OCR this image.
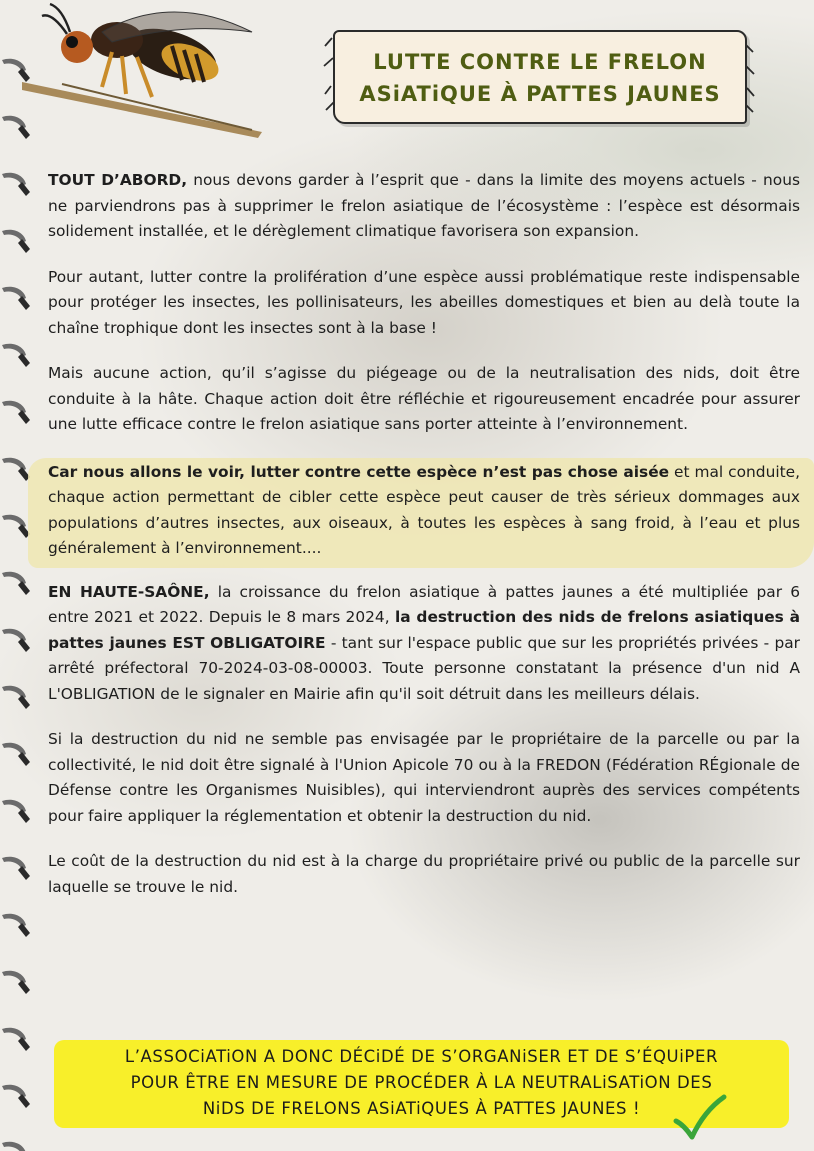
LUTTE CONTRE LE FRELON
ASiATiQUE À PATTES JAUNES

TOUT D’ABORD, nous devons garder à l’esprit que - dans la limite des moyens actuels - nous ne parviendrons pas à supprimer le frelon asiatique de l’écosystème : l’espèce est désormais solidement installée, et le dérèglement climatique favorisera son expansion.

Pour autant, lutter contre la prolifération d’une espèce aussi problématique reste indispensable pour protéger les insectes, les pollinisateurs, les abeilles domestiques et bien au delà toute la chaîne trophique dont les insectes sont à la base !

Mais aucune action, qu’il s’agisse du piégeage ou de la neutralisation des nids, doit être conduite à la hâte. Chaque action doit être réfléchie et rigoureusement encadrée pour assurer une lutte efficace contre le frelon asiatique sans porter atteinte à l’environnement.

Car nous allons le voir, lutter contre cette espèce n’est pas chose aisée et mal conduite, chaque action permettant de cibler cette espèce peut causer de très sérieux dommages aux populations d’autres insectes, aux oiseaux, à toutes les espèces à sang froid, à l’eau et plus généralement à l’environnement....

EN HAUTE-SAÔNE, la croissance du frelon asiatique à pattes jaunes a été multipliée par 6 entre 2021 et 2022. Depuis le 8 mars 2024, la destruction des nids de frelons asiatiques à pattes jaunes EST OBLIGATOIRE - tant sur l'espace public que sur les propriétés privées - par arrêté préfectoral 70-2024-03-08-00003. Toute personne constatant la présence d'un nid A L'OBLIGATION de le signaler en Mairie afin qu'il soit détruit dans les meilleurs délais.

Si la destruction du nid ne semble pas envisagée par le propriétaire de la parcelle ou par la collectivité, le nid doit être signalé à l'Union Apicole 70 ou à la FREDON (Fédération RÉgionale de Défense contre les Organismes Nuisibles), qui interviendront auprès des services compétents pour faire appliquer la réglementation et obtenir la destruction du nid.

Le coût de la destruction du nid est à la charge du propriétaire privé ou public de la parcelle sur laquelle se trouve le nid.

L’ASSOCiATiON A DONC DÉCiDÉ DE S’ORGANiSER ET DE S’ÉQUiPER
POUR ÊTRE EN MESURE DE PROCÉDER À LA NEUTRALiSATiON DES
NiDS DE FRELONS ASiATiQUES À PATTES JAUNES !
